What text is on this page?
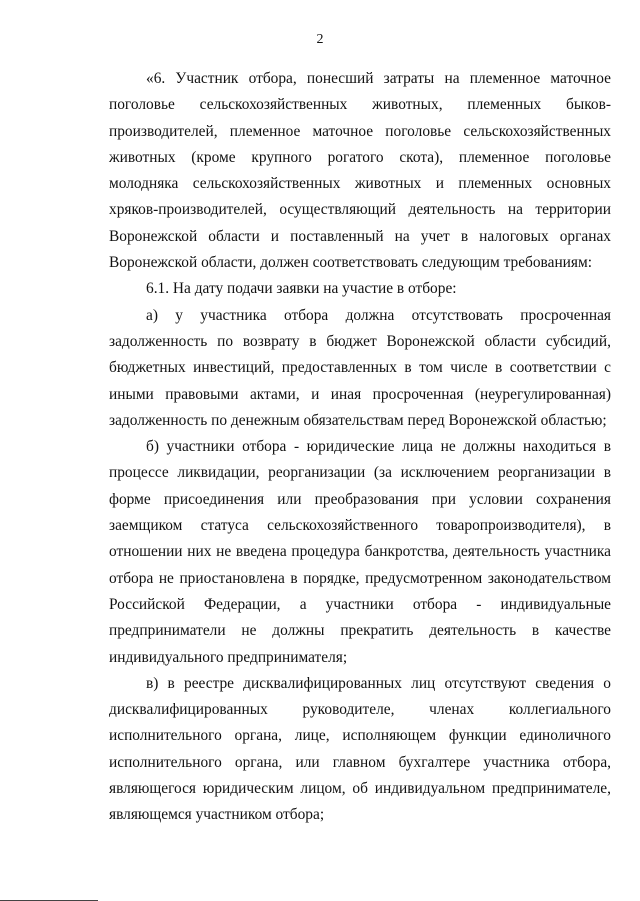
2

«6. Участник отбора, понесший затраты на племенное маточное поголовье сельскохозяйственных животных, племенных быков-производителей, племенное маточное поголовье сельскохозяйственных животных (кроме крупного рогатого скота), племенное поголовье молодняка сельскохозяйственных животных и племенных основных хряков-производителей, осуществляющий деятельность на территории Воронежской области и поставленный на учет в налоговых органах Воронежской области, должен соответствовать следующим требованиям:

6.1. На дату подачи заявки на участие в отборе:

а) у участника отбора должна отсутствовать просроченная задолженность по возврату в бюджет Воронежской области субсидий, бюджетных инвестиций, предоставленных в том числе в соответствии с иными правовыми актами, и иная просроченная (неурегулированная) задолженность по денежным обязательствам перед Воронежской областью;

б) участники отбора - юридические лица не должны находиться в процессе ликвидации, реорганизации (за исключением реорганизации в форме присоединения или преобразования при условии сохранения заемщиком статуса сельскохозяйственного товаропроизводителя), в отношении них не введена процедура банкротства, деятельность участника отбора не приостановлена в порядке, предусмотренном законодательством Российской Федерации, а участники отбора - индивидуальные предприниматели не должны прекратить деятельность в качестве индивидуального предпринимателя;

в) в реестре дисквалифицированных лиц отсутствуют сведения о дисквалифицированных руководителе, членах коллегиального исполнительного органа, лице, исполняющем функции единоличного исполнительного органа, или главном бухгалтере участника отбора, являющегося юридическим лицом, об индивидуальном предпринимателе, являющемся участником отбора;
